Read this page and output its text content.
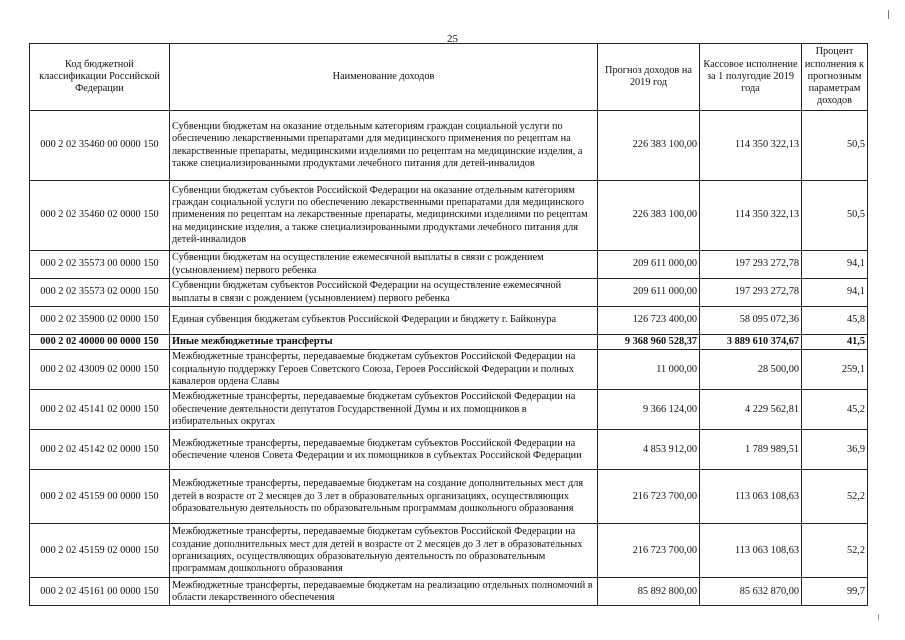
25
Код бюджетной классификации Российской Федерации	Наименование доходов	Прогноз доходов на 2019 год	Кассовое исполнение за 1 полугодие 2019 года	Процент исполнения к прогнозным параметрам доходов
000 2 02 35460 00 0000 150	Субвенции бюджетам на оказание отдельным категориям граждан социальной услуги по обеспечению лекарственными препаратами для медицинского применения по рецептам на лекарственные препараты, медицинскими изделиями по рецептам на медицинские изделия, а также специализированными продуктами лечебного питания для детей-инвалидов	226 383 100,00	114 350 322,13	50,5
000 2 02 35460 02 0000 150	Субвенции бюджетам субъектов Российской Федерации на оказание отдельным категориям граждан социальной услуги по обеспечению лекарственными препаратами для медицинского применения по рецептам на лекарственные препараты, медицинскими изделиями по рецептам на медицинские изделия, а также специализированными продуктами лечебного питания для детей-инвалидов	226 383 100,00	114 350 322,13	50,5
000 2 02 35573 00 0000 150	Субвенции бюджетам на осуществление ежемесячной выплаты в связи с рождением (усыновлением) первого ребенка	209 611 000,00	197 293 272,78	94,1
000 2 02 35573 02 0000 150	Субвенции бюджетам субъектов Российской Федерации на осуществление ежемесячной выплаты в связи с рождением (усыновлением) первого ребенка	209 611 000,00	197 293 272,78	94,1
000 2 02 35900 02 0000 150	Единая субвенция бюджетам субъектов Российской Федерации и бюджету г. Байконура	126 723 400,00	58 095 072,36	45,8
000 2 02 40000 00 0000 150	Иные межбюджетные трансферты	9 368 960 528,37	3 889 610 374,67	41,5
000 2 02 43009 02 0000 150	Межбюджетные трансферты, передаваемые бюджетам субъектов Российской Федерации на социальную поддержку Героев Советского Союза, Героев Российской Федерации и полных кавалеров ордена Славы	11 000,00	28 500,00	259,1
000 2 02 45141 02 0000 150	Межбюджетные трансферты, передаваемые бюджетам субъектов Российской Федерации на обеспечение деятельности депутатов Государственной Думы и их помощников в избирательных округах	9 366 124,00	4 229 562,81	45,2
000 2 02 45142 02 0000 150	Межбюджетные трансферты, передаваемые бюджетам субъектов Российской Федерации на обеспечение членов Совета Федерации и их помощников в субъектах Российской Федерации	4 853 912,00	1 789 989,51	36,9
000 2 02 45159 00 0000 150	Межбюджетные трансферты, передаваемые бюджетам на создание дополнительных мест для детей в возрасте от 2 месяцев до 3 лет в образовательных организациях, осуществляющих образовательную деятельность по образовательным программам дошкольного образования	216 723 700,00	113 063 108,63	52,2
000 2 02 45159 02 0000 150	Межбюджетные трансферты, передаваемые бюджетам субъектов Российской Федерации на создание дополнительных мест для детей в возрасте от 2 месяцев до 3 лет в образовательных организациях, осуществляющих образовательную деятельность по образовательным программам дошкольного образования	216 723 700,00	113 063 108,63	52,2
000 2 02 45161 00 0000 150	Межбюджетные трансферты, передаваемые бюджетам на реализацию отдельных полномочий в области лекарственного обеспечения	85 892 800,00	85 632 870,00	99,7
